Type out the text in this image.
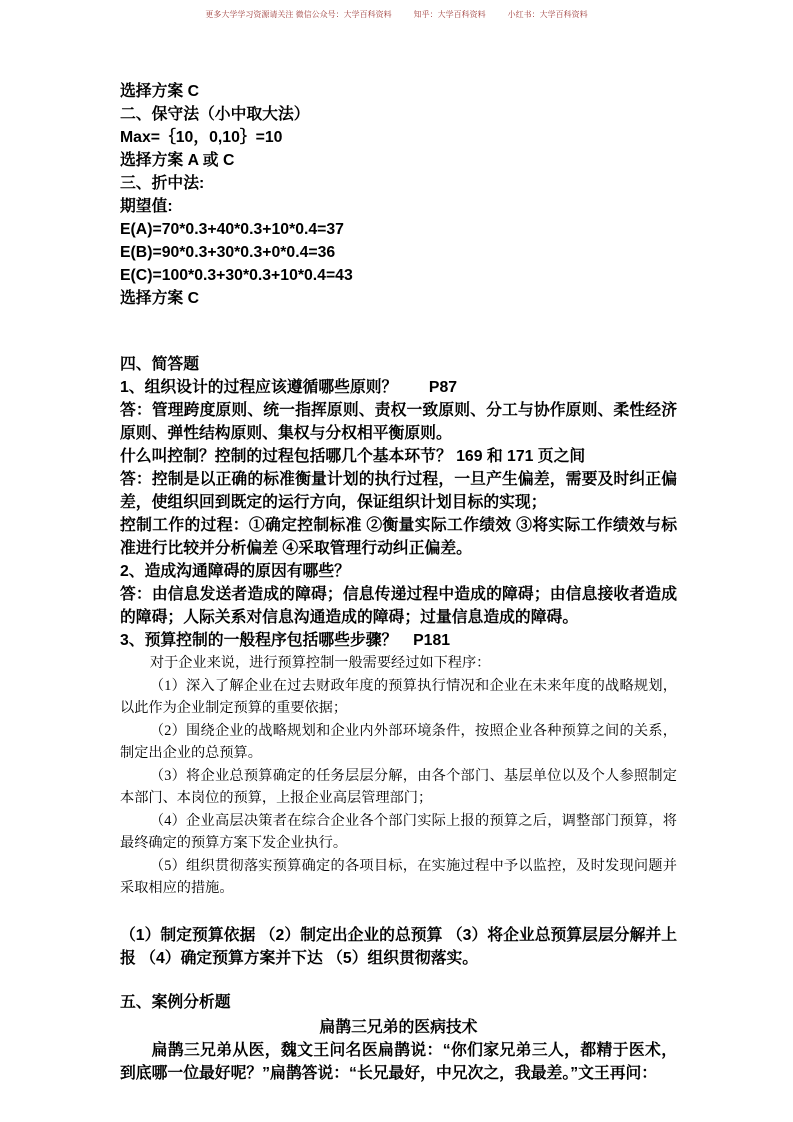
更多大学学习资源请关注 微信公众号：大学百科资料	知乎：大学百科资料	小红书：大学百科资料

选择方案 C

二、保守法（小中取大法）

Max=｛10，0,10｝=10

选择方案 A 或 C

三、折中法:

期望值:

E(A)=70*0.3+40*0.3+10*0.4=37

E(B)=90*0.3+30*0.3+0*0.4=36

E(C)=100*0.3+30*0.3+10*0.4=43

选择方案 C

四、简答题

1、组织设计的过程应该遵循哪些原则？　　P87

答：管理跨度原则、统一指挥原则、责权一致原则、分工与协作原则、柔性经济原则、弹性结构原则、集权与分权相平衡原则。

什么叫控制？控制的过程包括哪几个基本环节？ 169 和 171 页之间

答：控制是以正确的标准衡量计划的执行过程，一旦产生偏差，需要及时纠正偏差，使组织回到既定的运行方向，保证组织计划目标的实现；

控制工作的过程：①确定控制标准 ②衡量实际工作绩效 ③将实际工作绩效与标准进行比较并分析偏差 ④采取管理行动纠正偏差。

2、造成沟通障碍的原因有哪些？

答：由信息发送者造成的障碍；信息传递过程中造成的障碍；由信息接收者造成的障碍；人际关系对信息沟通造成的障碍；过量信息造成的障碍。

3、预算控制的一般程序包括哪些步骤？　P181

对于企业来说，进行预算控制一般需要经过如下程序：

（1）深入了解企业在过去财政年度的预算执行情况和企业在未来年度的战略规划，以此作为企业制定预算的重要依据；

（2）围绕企业的战略规划和企业内外部环境条件，按照企业各种预算之间的关系，制定出企业的总预算。

（3）将企业总预算确定的任务层层分解，由各个部门、基层单位以及个人参照制定本部门、本岗位的预算，上报企业高层管理部门；

（4）企业高层决策者在综合企业各个部门实际上报的预算之后，调整部门预算，将最终确定的预算方案下发企业执行。

（5）组织贯彻落实预算确定的各项目标，在实施过程中予以监控，及时发现问题并采取相应的措施。

（1）制定预算依据 （2）制定出企业的总预算 （3）将企业总预算层层分解并上报 （4）确定预算方案并下达 （5）组织贯彻落实。

五、案例分析题

扁鹊三兄弟的医病技术

扁鹊三兄弟从医，魏文王问名医扁鹊说：“你们家兄弟三人，都精于医术，到底哪一位最好呢？”扁鹊答说：“长兄最好，中兄次之，我最差。”文王再问：
